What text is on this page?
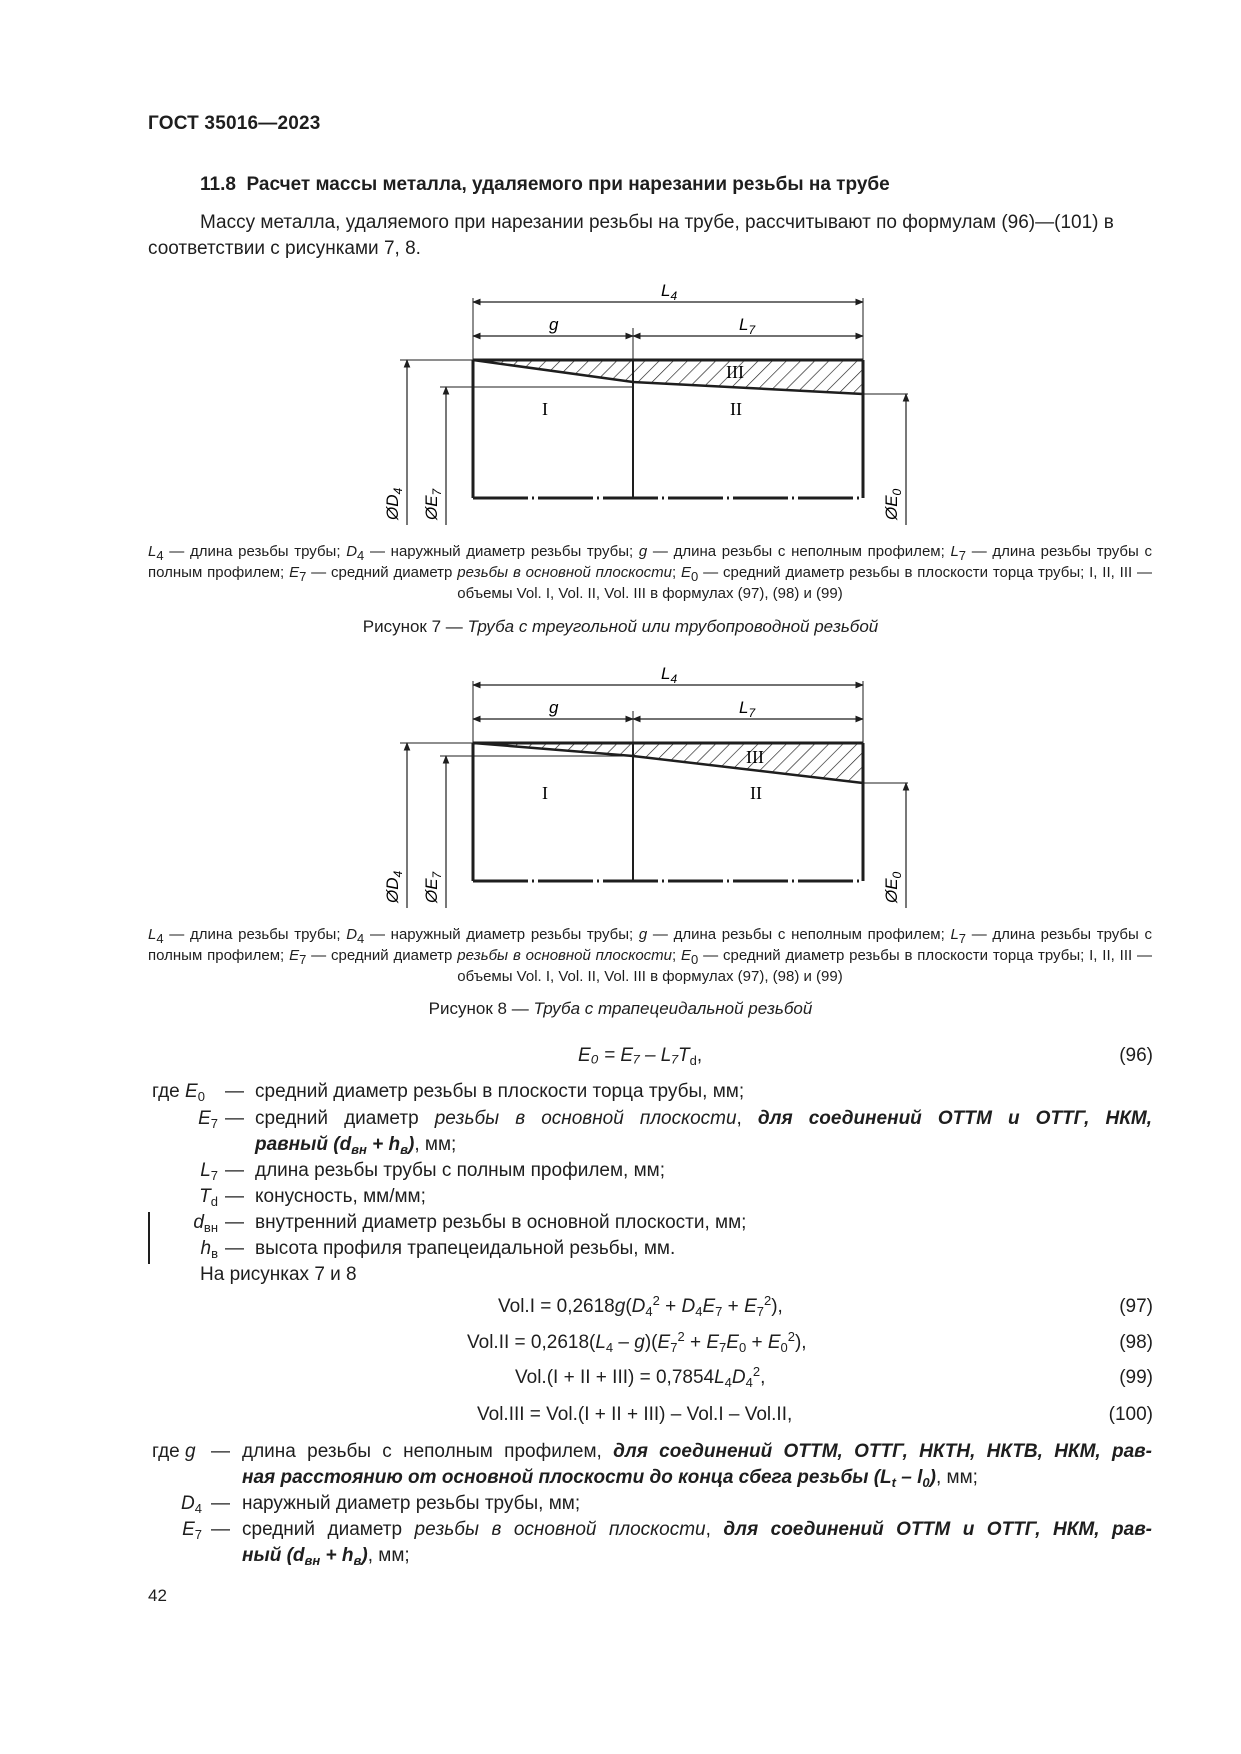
ГОСТ 35016—2023
11.8 Расчет массы металла, удаляемого при нарезании резьбы на трубе
Массу металла, удаляемого при нарезании резьбы на трубе, рассчитывают по формулам (96)—(101) в соответствии с рисунками 7, 8.
$L_4$
g	$L_7$
$ØD_4$
$ØE_7$
$ØE_0$
I	II
III
$L_4$ — длина резьбы трубы; $D_4$ — наружный диаметр резьбы трубы; g — длина резьбы с неполным профилем; $L_7$ — длина резьбы трубы с полным профилем; $E_7$ — средний диаметр резьбы в основной плоскости; $E_0$ — средний диаметр резьбы в плоскости торца трубы; I, II, III — объемы Vol. I, Vol. II, Vol. III в формулах (97), (98) и (99)
Рисунок 7 — Труба с треугольной или трубопроводной резьбой
$L_4$
g	$L_7$
$ØD_4$
$ØE_7$
$ØE_0$
I	II
III
$L_4$ — длина резьбы трубы; $D_4$ — наружный диаметр резьбы трубы; g — длина резьбы с неполным профилем; $L_7$ — длина резьбы трубы с полным профилем; $E_7$ — средний диаметр резьбы в основной плоскости; $E_0$ — средний диаметр резьбы в плоскости торца трубы; I, II, III — объемы Vol. I, Vol. II, Vol. III в формулах (97), (98) и (99)
Рисунок 8 — Труба с трапецеидальной резьбой
$E_0 = E_7 - L_7T_d$,	(96)
где $E_0$ — средний диаметр резьбы в плоскости торца трубы, мм;
$E_7$ — средний диаметр резьбы в основной плоскости, для соединений ОТТМ и ОТТГ, НКМ,
равный $(d_{вн} + h_в)$, мм;
$L_7$ — длина резьбы трубы с полным профилем, мм;
$T_d$ — конусность, мм/мм;
$d_{вн}$ — внутренний диаметр резьбы в основной плоскости, мм;
$h_в$ — высота профиля трапецеидальной резьбы, мм.
На рисунках 7 и 8
$Vol.I = 0,2618g(D_4^2 + D_4E_7 + E_7^2)$,	(97)
$Vol.II = 0,2618(L_4 - g)(E_7^2 + E_7E_0 + E_0^2)$,	(98)
Vol.(I + II + $III) = 0,7854L_4D_4^2$,	(99)
Vol.III = Vol.(I + II + III) – Vol.I – Vol.II,	(100)
где g — длина резьбы с неполным профилем, для соединений ОТТМ, ОТТГ, НКТН, НКТВ, НКМ, рав-
ная расстоянию от основной плоскости до конца сбега резьбы $(L_t - l_0)$, мм;
$D_4$ — наружный диаметр резьбы трубы, мм;
$E_7$ — средний диаметр резьбы в основной плоскости, для соединений ОТТМ и ОТТГ, НКМ, рав-
ный $(d_{вн} + h_в)$, мм;
42
